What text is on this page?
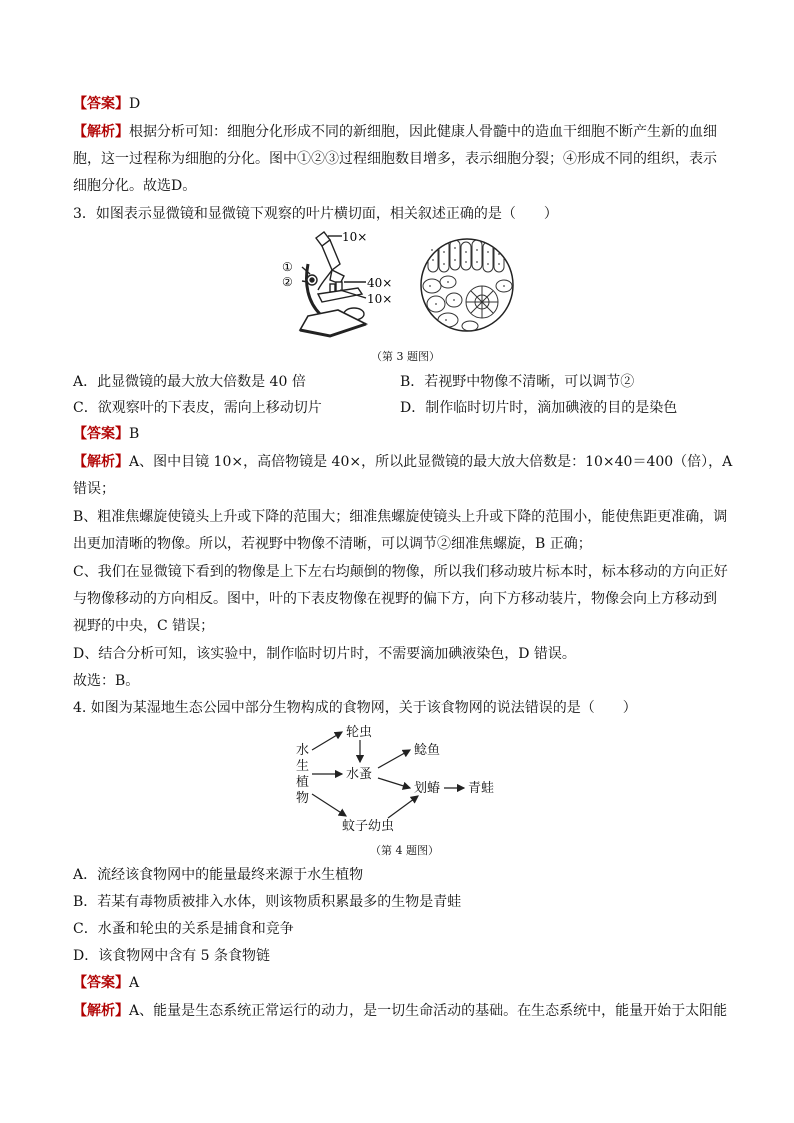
【答案】D
【解析】根据分析可知：细胞分化形成不同的新细胞，因此健康人骨髓中的造血干细胞不断产生新的血细
胞，这一过程称为细胞的分化。图中①②③过程细胞数目增多，表示细胞分裂；④形成不同的组织，表示
细胞分化。故选D。
3．如图表示显微镜和显微镜下观察的叶片横切面，相关叙述正确的是（　　）
10×
①
②	40×
10×
（第 3 题图）
A．此显微镜的最大放大倍数是 40 倍	B．若视野中物像不清晰，可以调节②
C．欲观察叶的下表皮，需向上移动切片	D．制作临时切片时，滴加碘液的目的是染色
【答案】B
【解析】A、图中目镜 10×，高倍物镜是 40×，所以此显微镜的最大放大倍数是：10×40＝400（倍），A
错误；
B、粗准焦螺旋使镜头上升或下降的范围大；细准焦螺旋使镜头上升或下降的范围小，能使焦距更准确，调
出更加清晰的物像。所以，若视野中物像不清晰，可以调节②细准焦螺旋，B 正确；
C、我们在显微镜下看到的物像是上下左右均颠倒的物像，所以我们移动玻片标本时，标本移动的方向正好
与物像移动的方向相反。图中，叶的下表皮物像在视野的偏下方，向下方移动装片，物像会向上方移动到
视野的中央，C 错误；
D、结合分析可知，该实验中，制作临时切片时，不需要滴加碘液染色，D 错误。
故选：B。
4. 如图为某湿地生态公园中部分生物构成的食物网，关于该食物网的说法错误的是（　　）
水
生
植
物
轮虫
水蚤
鲶鱼
划蝽 青蛙
蚊子幼虫
（第 4 题图）
A．流经该食物网中的能量最终来源于水生植物
B．若某有毒物质被排入水体，则该物质积累最多的生物是青蛙
C．水蚤和轮虫的关系是捕食和竞争
D．该食物网中含有 5 条食物链
【答案】A
【解析】A、能量是生态系统正常运行的动力，是一切生命活动的基础。在生态系统中，能量开始于太阳能
